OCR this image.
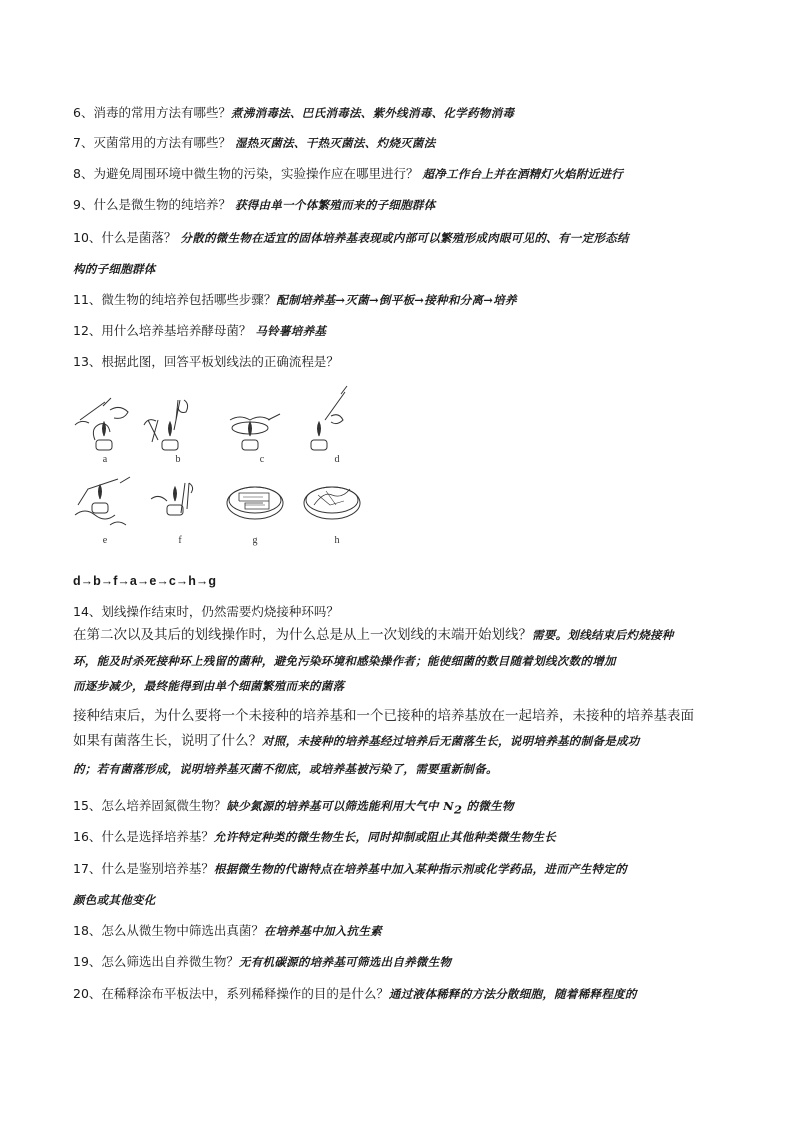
6、消毒的常用方法有哪些？煮沸消毒法、巴氏消毒法、紫外线消毒、化学药物消毒
7、灭菌常用的方法有哪些？ 湿热灭菌法、干热灭菌法、灼烧灭菌法
8、为避免周围环境中微生物的污染，实验操作应在哪里进行？ 超净工作台上并在酒精灯火焰附近进行
9、什么是微生物的纯培养？ 获得由单一个体繁殖而来的子细胞群体
10、什么是菌落？ 分散的微生物在适宜的固体培养基表现或内部可以繁殖形成肉眼可见的、有一定形态结
构的子细胞群体
11、微生物的纯培养包括哪些步骤？配制培养基→灭菌→倒平板→接种和分离→培养
12、用什么培养基培养酵母菌？ 马铃薯培养基
13、根据此图，回答平板划线法的正确流程是？
a	b	c	d
e	f	g	h
d→b→f→a→e→c→h→g
14、划线操作结束时，仍然需要灼烧接种环吗？
在第二次以及其后的划线操作时，为什么总是从上一次划线的末端开始划线？需要。划线结束后灼烧接种
环，能及时杀死接种环上残留的菌种，避免污染环境和感染操作者；能使细菌的数目随着划线次数的增加
而逐步减少，最终能得到由单个细菌繁殖而来的菌落
接种结束后，为什么要将一个未接种的培养基和一个已接种的培养基放在一起培养，未接种的培养基表面
如果有菌落生长，说明了什么？对照，未接种的培养基经过培养后无菌落生长，说明培养基的制备是成功
的；若有菌落形成，说明培养基灭菌不彻底，或培养基被污染了，需要重新制备。
15、怎么培养固氮微生物？缺少氮源的培养基可以筛选能利用大气中 $N_2$ 的微生物
16、什么是选择培养基？允许特定种类的微生物生长，同时抑制或阻止其他种类微生物生长
17、什么是鉴别培养基？根据微生物的代谢特点在培养基中加入某种指示剂或化学药品，进而产生特定的
颜色或其他变化
18、怎么从微生物中筛选出真菌？在培养基中加入抗生素
19、怎么筛选出自养微生物？无有机碳源的培养基可筛选出自养微生物
20、在稀释涂布平板法中，系列稀释操作的目的是什么？通过液体稀释的方法分散细胞，随着稀释程度的
